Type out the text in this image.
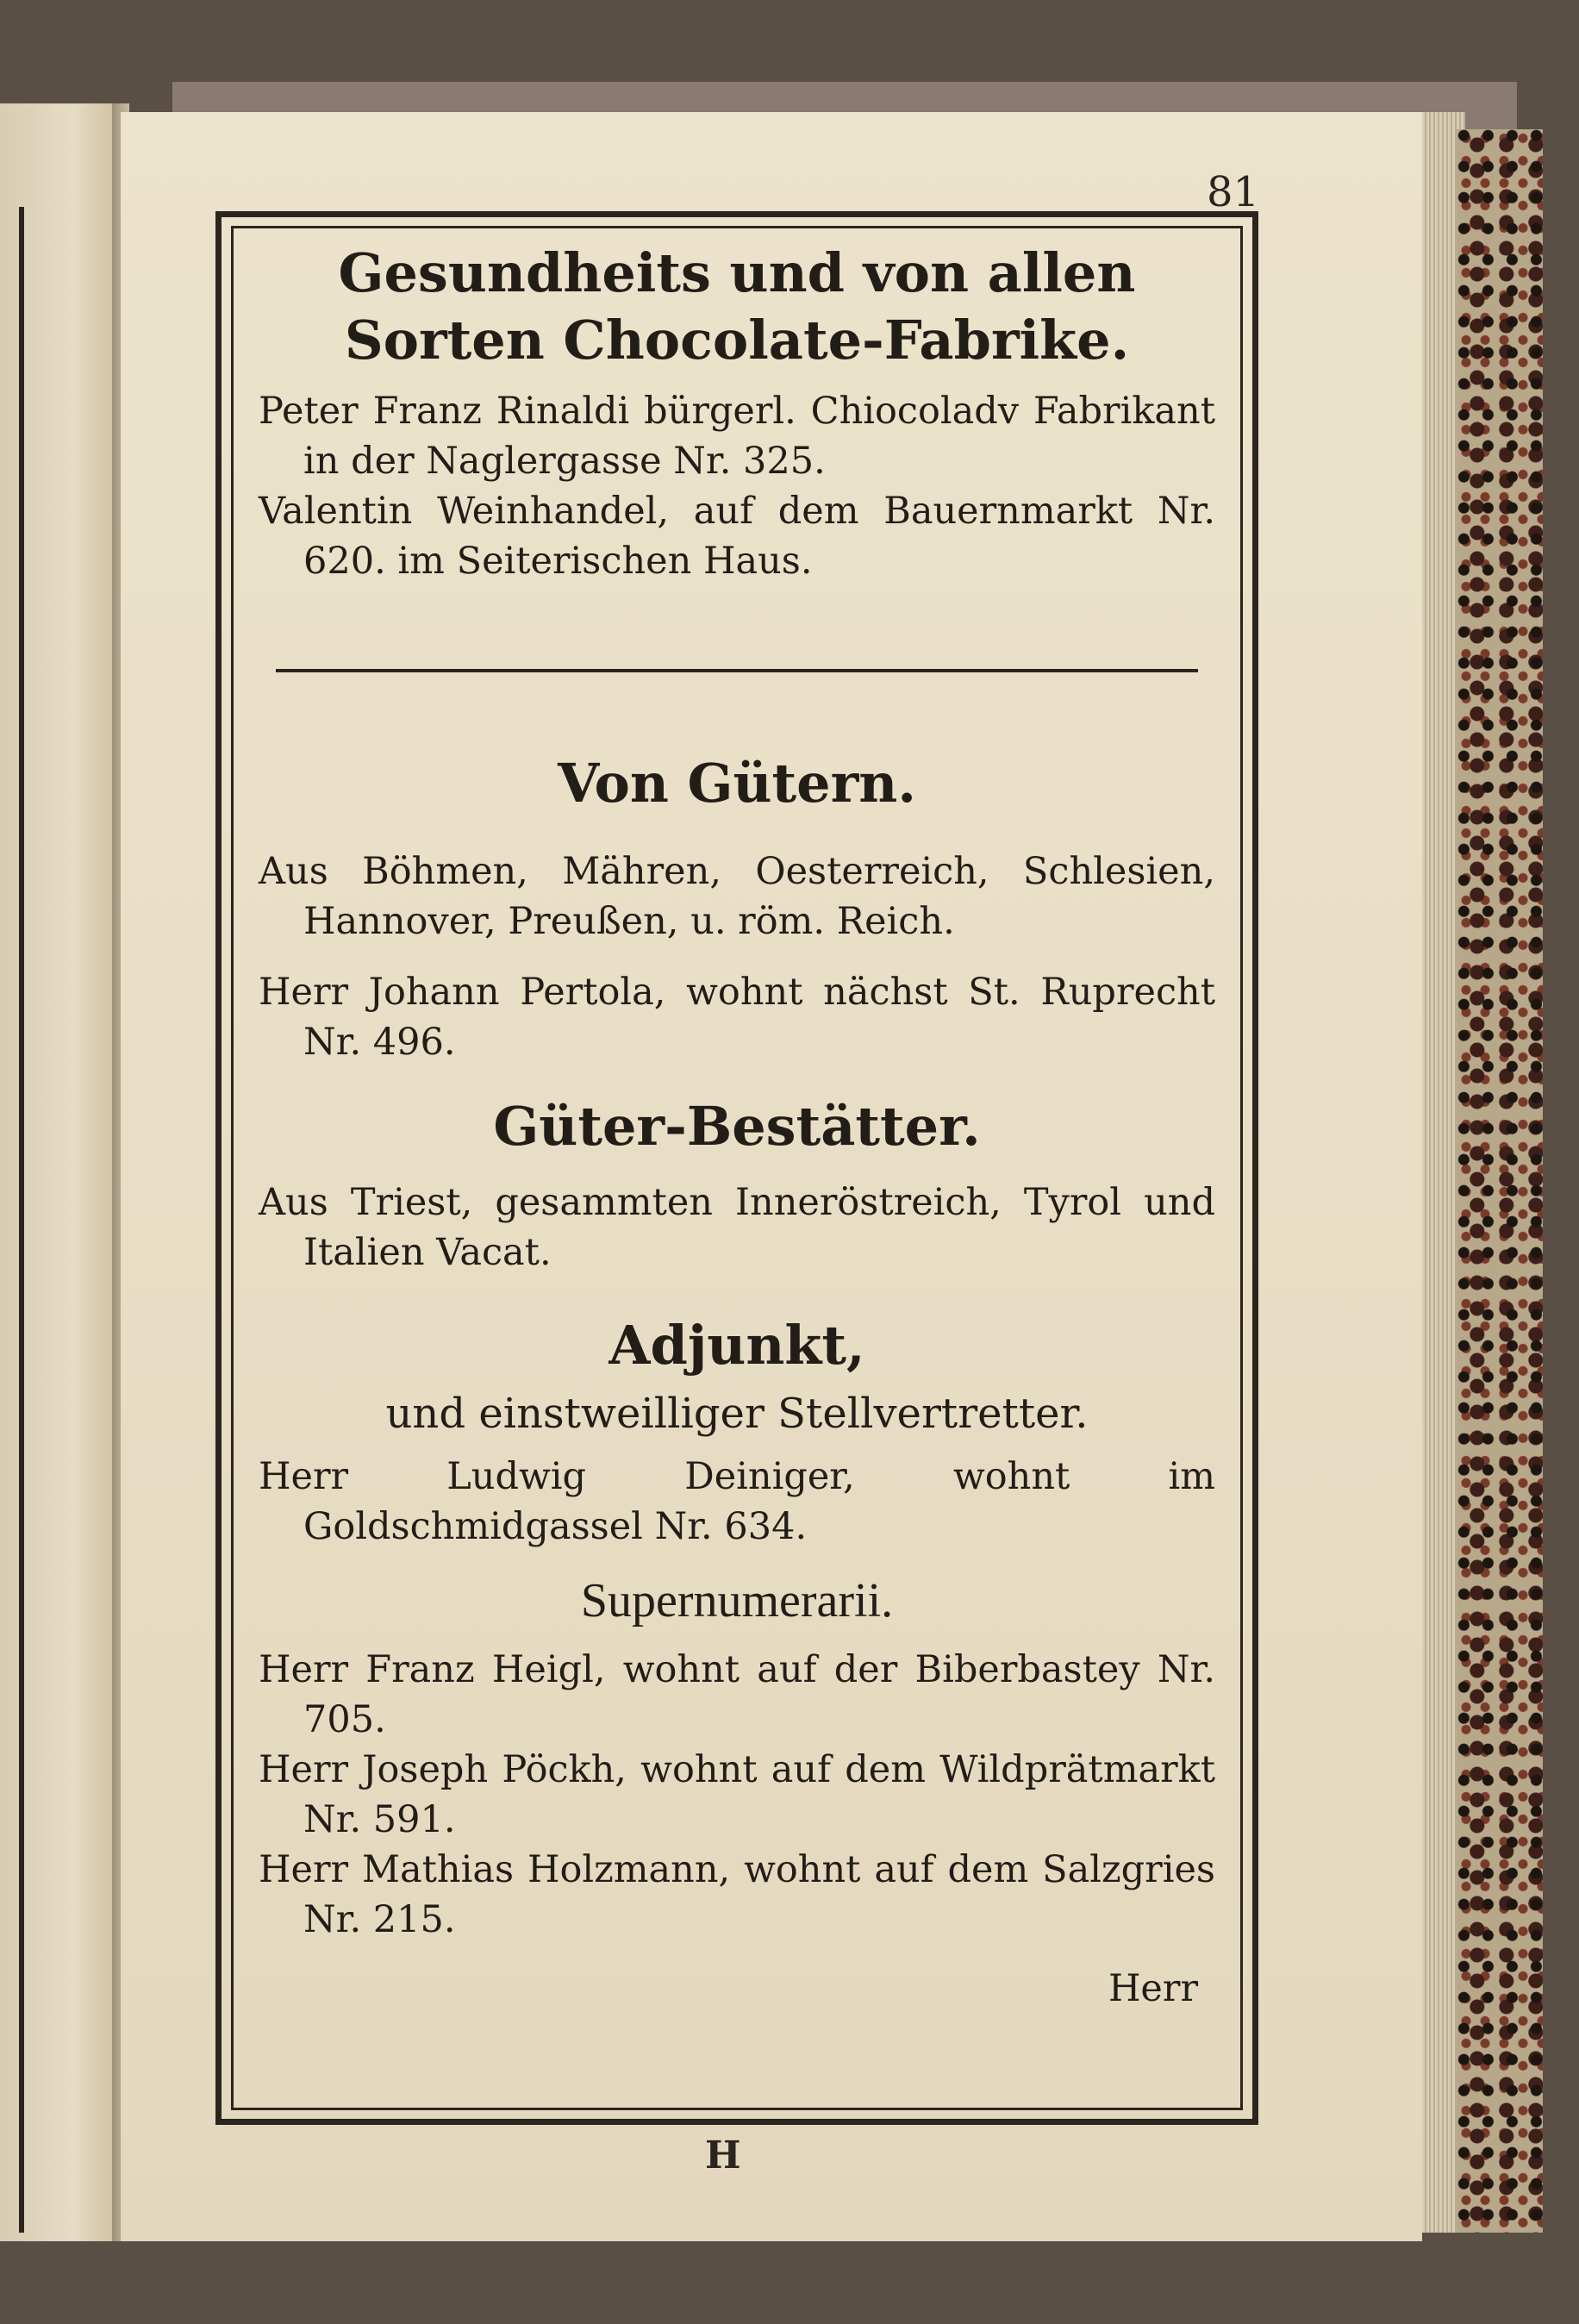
81
Gesundheits und von allen Sorten Chocolate-Fabrike.

Peter Franz Rinaldi bürgerl. Chiocoladv Fabrikant in der Naglergasse Nr. 325.

Valentin Weinhandel, auf dem Bauernmarkt Nr. 620. im Seiterischen Haus.

Von Gütern.

Aus Böhmen, Mähren, Oesterreich, Schlesien, Hannover, Preußen, u. röm. Reich.

Herr Johann Pertola, wohnt nächst St. Ruprecht Nr. 496.

Güter-Bestätter.

Aus Triest, gesammten Inneröstreich, Tyrol und Italien Vacat.

Adjunkt,

und einstweilliger Stellvertretter.

Herr Ludwig Deiniger, wohnt im Goldschmidgassel Nr. 634.

Supernumerarii.

Herr Franz Heigl, wohnt auf der Biberbastey Nr. 705.

Herr Joseph Pöckh, wohnt auf dem Wildprätmarkt Nr. 591.

Herr Mathias Holzmann, wohnt auf dem Salzgries Nr. 215.

Herr

H
